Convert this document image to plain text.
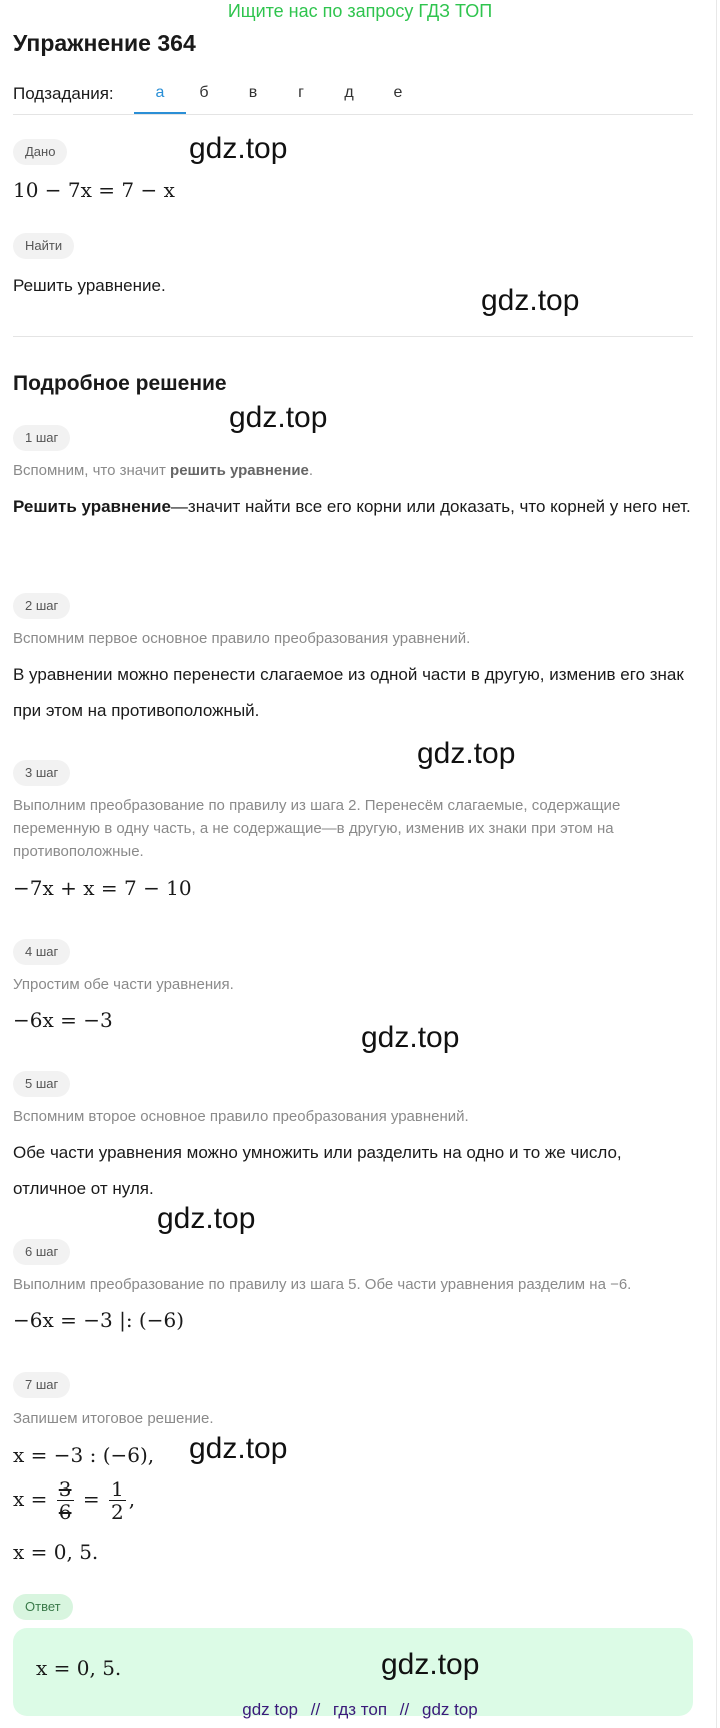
Ищите нас по запросу ГДЗ ТОП
Упражнение 364
Подзадания:	а	б	в	г	д	е
Дано
10 − 7x = 7 − x
Найти
Решить уравнение.
Подробное решение
1 шаг
Вспомним, что значит решить уравнение.
Решить уравнение—значит найти все его корни или доказать, что корней у него нет.
2 шаг
Вспомним первое основное правило преобразования уравнений.
В уравнении можно перенести слагаемое из одной части в другую, изменив его знак при этом на противоположный.
3 шаг
Выполним преобразование по правилу из шага 2. Перенесём слагаемые, содержащие переменную в одну часть, а не содержащие—в другую, изменив их знаки при этом на противоположные.
−7x + x = 7 − 10
4 шаг
Упростим обе части уравнения.
−6x = −3
5 шаг
Вспомним второе основное правило преобразования уравнений.
Обе части уравнения можно умножить или разделить на одно и то же число, отличное от нуля.
6 шаг
Выполним преобразование по правилу из шага 5. Обе части уравнения разделим на −6.
−6x = −3 |: (−6)
7 шаг
Запишем итоговое решение.
x = −3 : (−6),
$x = \frac{3}{6} = \frac{1}{2}$ ,
x = 0, 5.
Ответ
x = 0, 5.
gdz.top
gdz.top
gdz.top
gdz.top
gdz.top
gdz.top
gdz.top
gdz.top
gdz top // гдз топ // gdz top
